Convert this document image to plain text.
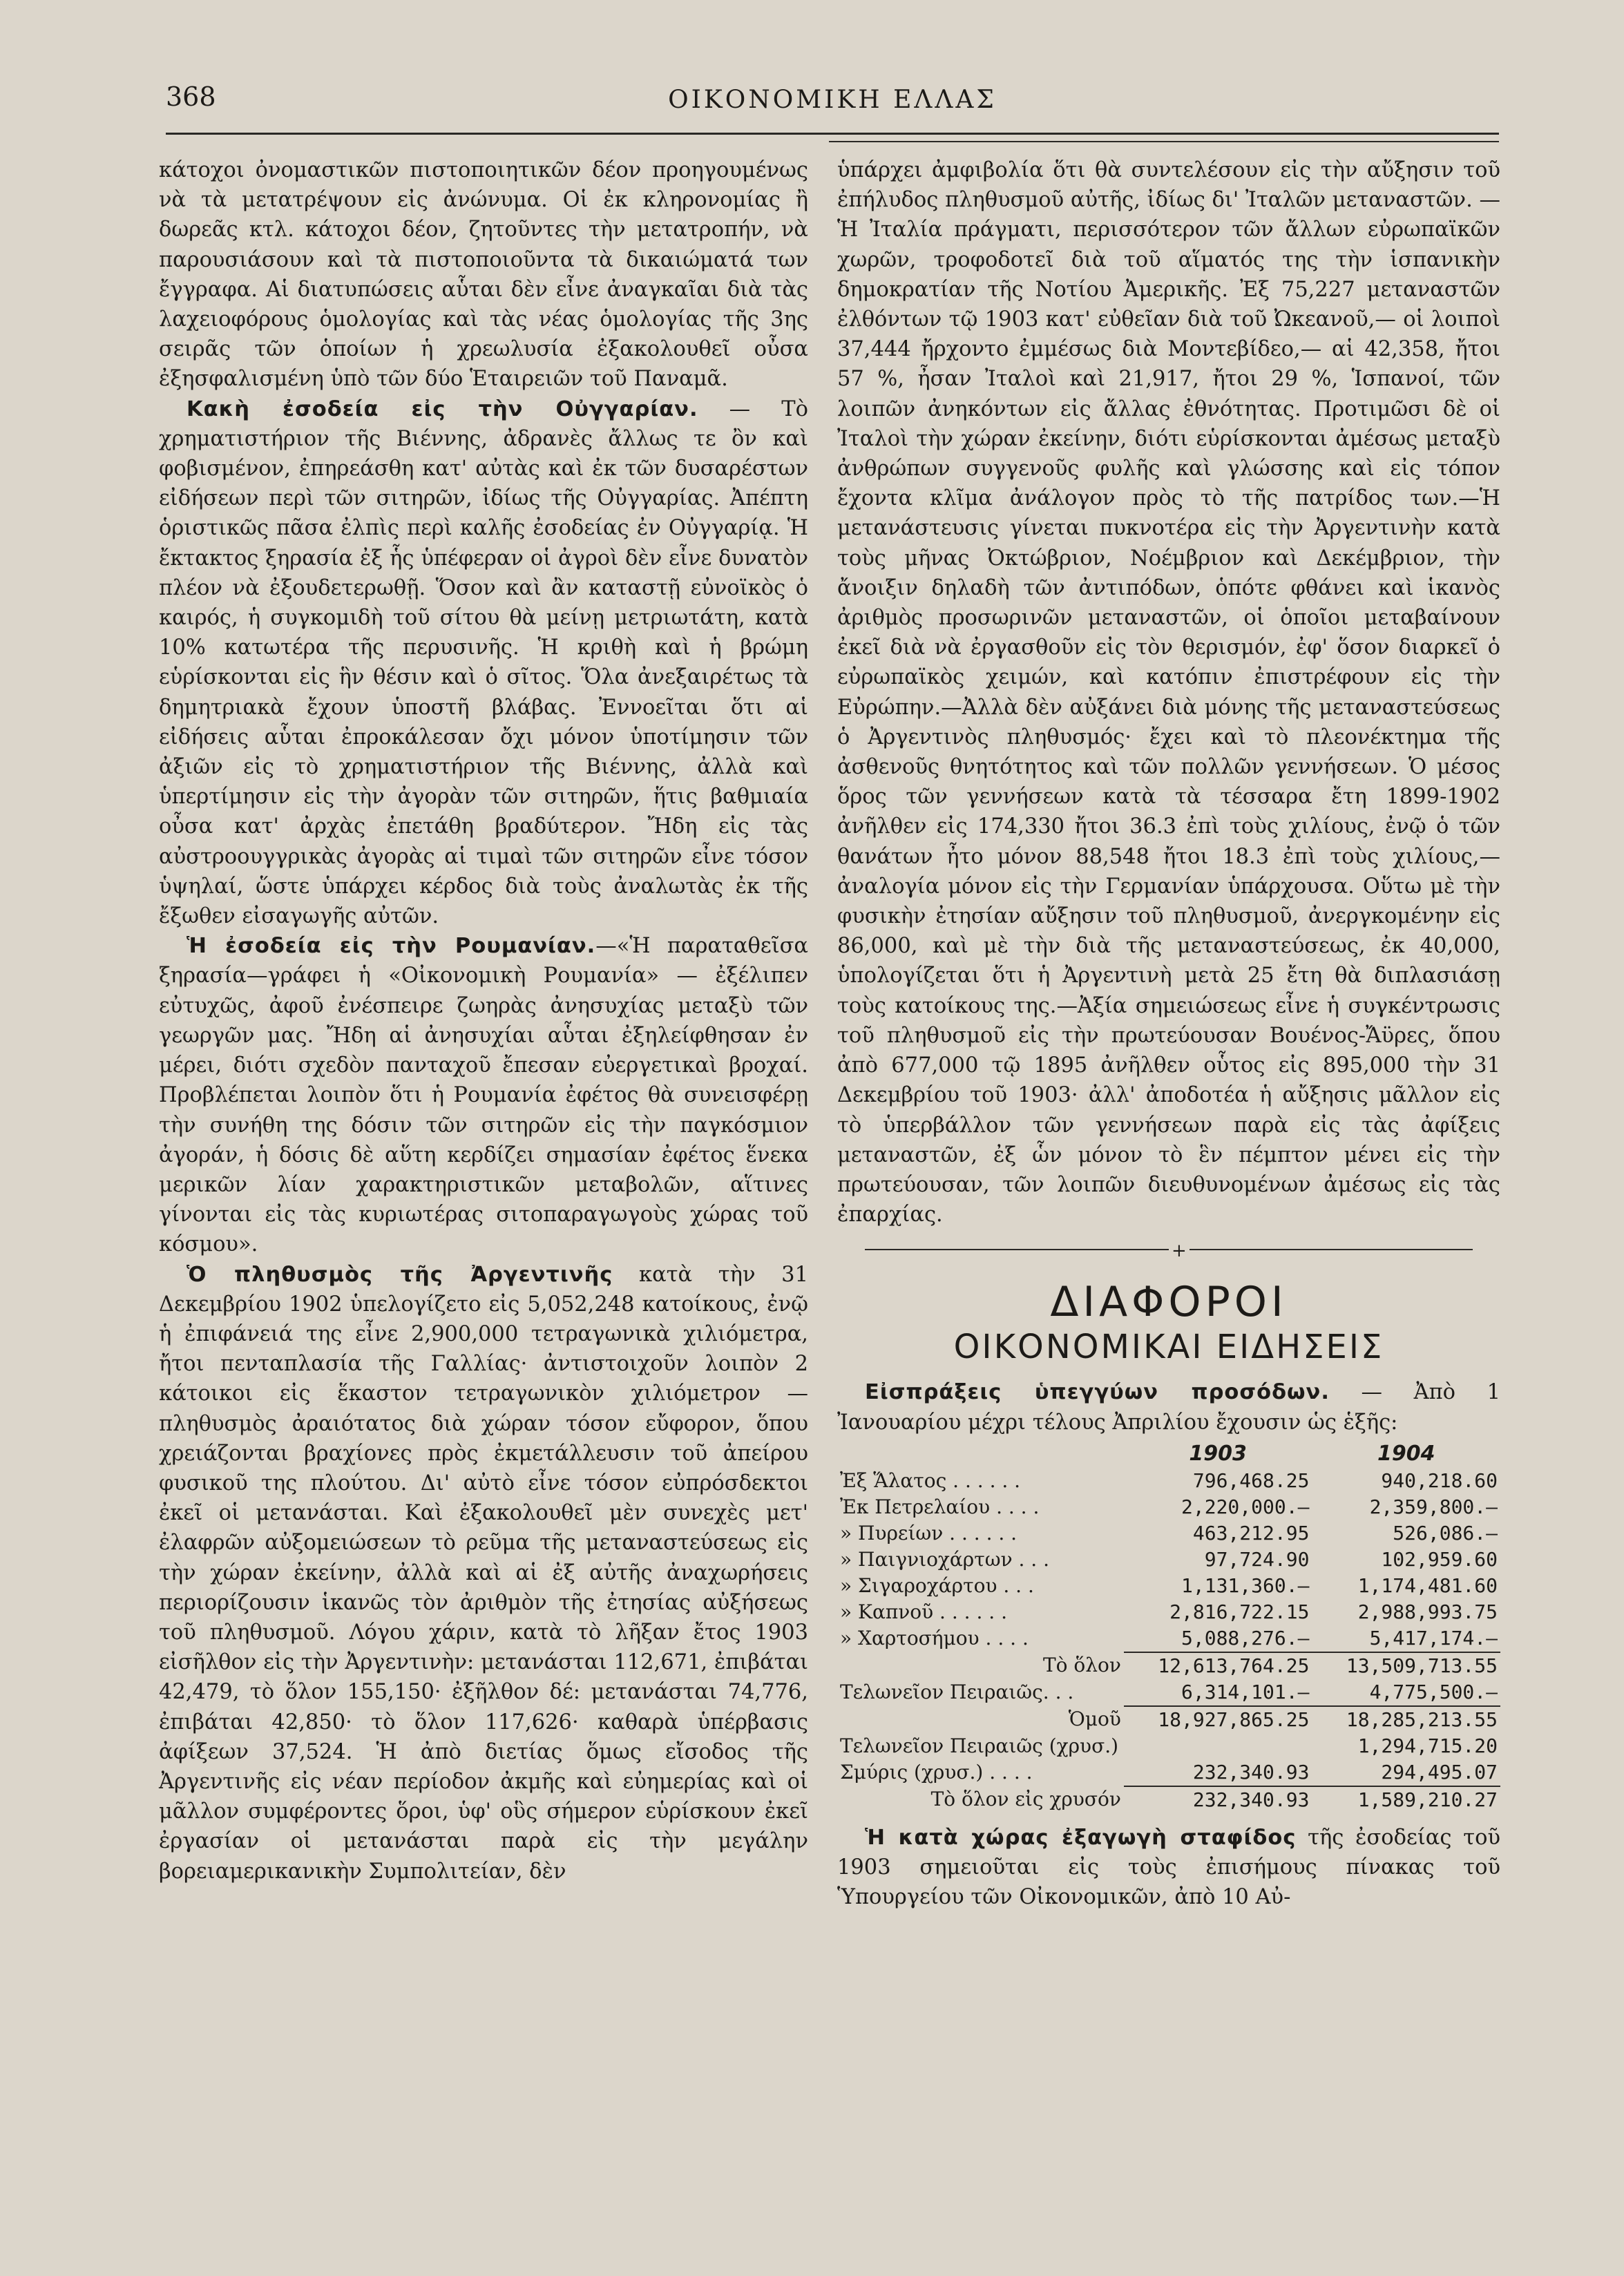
368	ΟΙΚΟΝΟΜΙΚΗ ΕΛΛΑΣ

κάτοχοι ὀνομαστικῶν πιστοποιητικῶν δέον προηγουμένως νὰ τὰ μετατρέψουν εἰς ἀνώνυμα. Οἱ ἐκ κληρονομίας ἢ δωρεᾶς κτλ. κάτοχοι δέον, ζητοῦντες τὴν μετατροπήν, νὰ παρουσιάσουν καὶ τὰ πιστοποιοῦντα τὰ δικαιώματά των ἔγγραφα. Αἱ διατυπώσεις αὗται δὲν εἶνε ἀναγκαῖαι διὰ τὰς λαχειοφόρους ὁμολογίας καὶ τὰς νέας ὁμολογίας τῆς 3ης σειρᾶς τῶν ὁποίων ἡ χρεωλυσία ἐξακολουθεῖ οὖσα ἐξησφαλισμένη ὑπὸ τῶν δύο Ἑταιρειῶν τοῦ Παναμᾶ.

Κακὴ ἐσοδεία εἰς τὴν Οὐγγαρίαν. — Τὸ χρηματιστήριον τῆς Βιέννης, ἀδρανὲς ἄλλως τε ὂν καὶ φοβισμένον, ἐπηρεάσθη κατ' αὐτὰς καὶ ἐκ τῶν δυσαρέστων εἰδήσεων περὶ τῶν σιτηρῶν, ἰδίως τῆς Οὐγγαρίας. Ἀπέπτη ὁριστικῶς πᾶσα ἐλπὶς περὶ καλῆς ἐσοδείας ἐν Οὐγγαρίᾳ. Ἡ ἔκτακτος ξηρασία ἐξ ἧς ὑπέφεραν οἱ ἀγροὶ δὲν εἶνε δυνατὸν πλέον νὰ ἐξουδετερωθῇ. Ὅσον καὶ ἂν καταστῇ εὐνοϊκὸς ὁ καιρός, ἡ συγκομιδὴ τοῦ σίτου θὰ μείνῃ μετριωτάτη, κατὰ 10% κατωτέρα τῆς περυσινῆς. Ἡ κριθὴ καὶ ἡ βρώμη εὑρίσκονται εἰς ἣν θέσιν καὶ ὁ σῖτος. Ὅλα ἀνεξαιρέτως τὰ δημητριακὰ ἔχουν ὑποστῆ βλάβας. Ἐννοεῖται ὅτι αἱ εἰδήσεις αὗται ἐπροκάλεσαν ὄχι μόνον ὑποτίμησιν τῶν ἀξιῶν εἰς τὸ χρηματιστήριον τῆς Βιέννης, ἀλλὰ καὶ ὑπερτίμησιν εἰς τὴν ἀγορὰν τῶν σιτηρῶν, ἥτις βαθμιαία οὖσα κατ' ἀρχὰς ἐπετάθη βραδύτερον. Ἤδη εἰς τὰς αὐστροουγγρικὰς ἀγορὰς αἱ τιμαὶ τῶν σιτηρῶν εἶνε τόσον ὑψηλαί, ὥστε ὑπάρχει κέρδος διὰ τοὺς ἀναλωτὰς ἐκ τῆς ἔξωθεν εἰσαγωγῆς αὐτῶν.

Ἡ ἐσοδεία εἰς τὴν Ρουμανίαν.—«Ἡ παραταθεῖσα ξηρασία—γράφει ἡ «Οἰκονομικὴ Ρουμανία» — ἐξέλιπεν εὐτυχῶς, ἀφοῦ ἐνέσπειρε ζωηρὰς ἀνησυχίας μεταξὺ τῶν γεωργῶν μας. Ἤδη αἱ ἀνησυχίαι αὗται ἐξηλείφθησαν ἐν μέρει, διότι σχεδὸν πανταχοῦ ἔπεσαν εὐεργετικαὶ βροχαί. Προβλέπεται λοιπὸν ὅτι ἡ Ρουμανία ἐφέτος θὰ συνεισφέρῃ τὴν συνήθη της δόσιν τῶν σιτηρῶν εἰς τὴν παγκόσμιον ἀγοράν, ἡ δόσις δὲ αὕτη κερδίζει σημασίαν ἐφέτος ἕνεκα μερικῶν λίαν χαρακτηριστικῶν μεταβολῶν, αἵτινες γίνονται εἰς τὰς κυριωτέρας σιτοπαραγωγοὺς χώρας τοῦ κόσμου».

Ὁ πληθυσμὸς τῆς Ἀργεντινῆς κατὰ τὴν 31 Δεκεμβρίου 1902 ὑπελογίζετο εἰς 5,052,248 κατοίκους, ἐνῷ ἡ ἐπιφάνειά της εἶνε 2,900,000 τετραγωνικὰ χιλιόμετρα, ἤτοι πενταπλασία τῆς Γαλλίας· ἀντιστοιχοῦν λοιπὸν 2 κάτοικοι εἰς ἕκαστον τετραγωνικὸν χιλιόμετρον — πληθυσμὸς ἀραιότατος διὰ χώραν τόσον εὔφορον, ὅπου χρειάζονται βραχίονες πρὸς ἐκμετάλλευσιν τοῦ ἀπείρου φυσικοῦ της πλούτου. Δι' αὐτὸ εἶνε τόσον εὐπρόσδεκτοι ἐκεῖ οἱ μετανάσται. Καὶ ἐξακολουθεῖ μὲν συνεχὲς μετ' ἐλαφρῶν αὐξομειώσεων τὸ ρεῦμα τῆς μεταναστεύσεως εἰς τὴν χώραν ἐκείνην, ἀλλὰ καὶ αἱ ἐξ αὐτῆς ἀναχωρήσεις περιορίζουσιν ἱκανῶς τὸν ἀριθμὸν τῆς ἐτησίας αὐξήσεως τοῦ πληθυσμοῦ. Λόγου χάριν, κατὰ τὸ λῆξαν ἔτος 1903 εἰσῆλθον εἰς τὴν Ἀργεντινὴν: μετανάσται 112,671, ἐπιβάται 42,479, τὸ ὅλον 155,150· ἐξῆλθον δέ: μετανάσται 74,776, ἐπιβάται 42,850· τὸ ὅλον 117,626· καθαρὰ ὑπέρβασις ἀφίξεων 37,524. Ἡ ἀπὸ διετίας ὅμως εἴσοδος τῆς Ἀργεντινῆς εἰς νέαν περίοδον ἀκμῆς καὶ εὐημερίας καὶ οἱ μᾶλλον συμφέροντες ὅροι, ὑφ' οὓς σήμερον εὑρίσκουν ἐκεῖ ἐργασίαν οἱ μετανάσται παρὰ εἰς τὴν μεγάλην βορειαμερικανικὴν Συμπολιτείαν, δὲν

ὑπάρχει ἀμφιβολία ὅτι θὰ συντελέσουν εἰς τὴν αὔξησιν τοῦ ἐπήλυδος πληθυσμοῦ αὐτῆς, ἰδίως δι' Ἰταλῶν μεταναστῶν. — Ἡ Ἰταλία πράγματι, περισσότερον τῶν ἄλλων εὐρωπαϊκῶν χωρῶν, τροφοδοτεῖ διὰ τοῦ αἵματός της τὴν ἱσπανικὴν δημοκρατίαν τῆς Νοτίου Ἀμερικῆς. Ἐξ 75,227 μεταναστῶν ἐλθόντων τῷ 1903 κατ' εὐθεῖαν διὰ τοῦ Ὠκεανοῦ,— οἱ λοιποὶ 37,444 ἤρχοντο ἐμμέσως διὰ Μοντεβίδεο,— αἱ 42,358, ἤτοι 57 %, ἦσαν Ἰταλοὶ καὶ 21,917, ἤτοι 29 %, Ἱσπανοί, τῶν λοιπῶν ἀνηκόντων εἰς ἄλλας ἐθνότητας. Προτιμῶσι δὲ οἱ Ἰταλοὶ τὴν χώραν ἐκείνην, διότι εὑρίσκονται ἀμέσως μεταξὺ ἀνθρώπων συγγενοῦς φυλῆς καὶ γλώσσης καὶ εἰς τόπον ἔχοντα κλῖμα ἀνάλογον πρὸς τὸ τῆς πατρίδος των.—Ἡ μετανάστευσις γίνεται πυκνοτέρα εἰς τὴν Ἀργεντινὴν κατὰ τοὺς μῆνας Ὀκτώβριον, Νοέμβριον καὶ Δεκέμβριον, τὴν ἄνοιξιν δηλαδὴ τῶν ἀντιπόδων, ὁπότε φθάνει καὶ ἱκανὸς ἀριθμὸς προσωρινῶν μεταναστῶν, οἱ ὁποῖοι μεταβαίνουν ἐκεῖ διὰ νὰ ἐργασθοῦν εἰς τὸν θερισμόν, ἐφ' ὅσον διαρκεῖ ὁ εὐρωπαϊκὸς χειμών, καὶ κατόπιν ἐπιστρέφουν εἰς τὴν Εὐρώπην.—Ἀλλὰ δὲν αὐξάνει διὰ μόνης τῆς μεταναστεύσεως ὁ Ἀργεντινὸς πληθυσμός· ἔχει καὶ τὸ πλεονέκτημα τῆς ἀσθενοῦς θνητότητος καὶ τῶν πολλῶν γεννήσεων. Ὁ μέσος ὅρος τῶν γεννήσεων κατὰ τὰ τέσσαρα ἔτη 1899-1902 ἀνῆλθεν εἰς 174,330 ἤτοι 36.3 ἐπὶ τοὺς χιλίους, ἐνῷ ὁ τῶν θανάτων ἦτο μόνον 88,548 ἤτοι 18.3 ἐπὶ τοὺς χιλίους,— ἀναλογία μόνον εἰς τὴν Γερμανίαν ὑπάρχουσα. Οὕτω μὲ τὴν φυσικὴν ἐτησίαν αὔξησιν τοῦ πληθυσμοῦ, ἀνεργκομένην εἰς 86,000, καὶ μὲ τὴν διὰ τῆς μεταναστεύσεως, ἐκ 40,000, ὑπολογίζεται ὅτι ἡ Ἀργεντινὴ μετὰ 25 ἔτη θὰ διπλασιάσῃ τοὺς κατοίκους της.—Ἀξία σημειώσεως εἶνε ἡ συγκέντρωσις τοῦ πληθυσμοῦ εἰς τὴν πρωτεύουσαν Βουένος-Ἄϋρες, ὅπου ἀπὸ 677,000 τῷ 1895 ἀνῆλθεν οὗτος εἰς 895,000 τὴν 31 Δεκεμβρίου τοῦ 1903· ἀλλ' ἀποδοτέα ἡ αὔξησις μᾶλλον εἰς τὸ ὑπερβάλλον τῶν γεννήσεων παρὰ εἰς τὰς ἀφίξεις μεταναστῶν, ἐξ ὧν μόνον τὸ ἓν πέμπτον μένει εἰς τὴν πρωτεύουσαν, τῶν λοιπῶν διευθυνομένων ἀμέσως εἰς τὰς ἐπαρχίας.

+
ΔΙΑΦΟΡΟΙ
ΟΙΚΟΝΟΜΙΚΑΙ ΕΙΔΗΣΕΙΣ

Εἰσπράξεις ὑπεγγύων προσόδων. — Ἀπὸ 1 Ἰανουαρίου μέχρι τέλους Ἀπριλίου ἔχουσιν ὡς ἑξῆς:

	1903	1904
Ἐξ Ἅλατος . . . . . .	796,468.25	940,218.60
Ἐκ Πετρελαίου . . . .	2,220,000.—	2,359,800.—
» Πυρείων . . . . . .	463,212.95	526,086.—
» Παιγνιοχάρτων . . .	97,724.90	102,959.60
» Σιγαροχάρτου . . .	1,131,360.—	1,174,481.60
» Καπνοῦ . . . . . .	2,816,722.15	2,988,993.75
» Χαρτοσήμου . . . .	5,088,276.—	5,417,174.—
Τὸ ὅλον	12,613,764.25	13,509,713.55
Τελωνεῖον Πειραιῶς. . .	6,314,101.—	4,775,500.—
Ὁμοῦ	18,927,865.25	18,285,213.55
Τελωνεῖον Πειραιῶς (χρυσ.)		1,294,715.20
Σμύρις (χρυσ.) . . . .	232,340.93	294,495.07
Τὸ ὅλον εἰς χρυσόν	232,340.93	1,589,210.27

Ἡ κατὰ χώρας ἐξαγωγὴ σταφίδος τῆς ἐσοδείας τοῦ 1903 σημειοῦται εἰς τοὺς ἐπισήμους πίνακας τοῦ Ὑπουργείου τῶν Οἰκονομικῶν, ἀπὸ 10 Αὐ-
